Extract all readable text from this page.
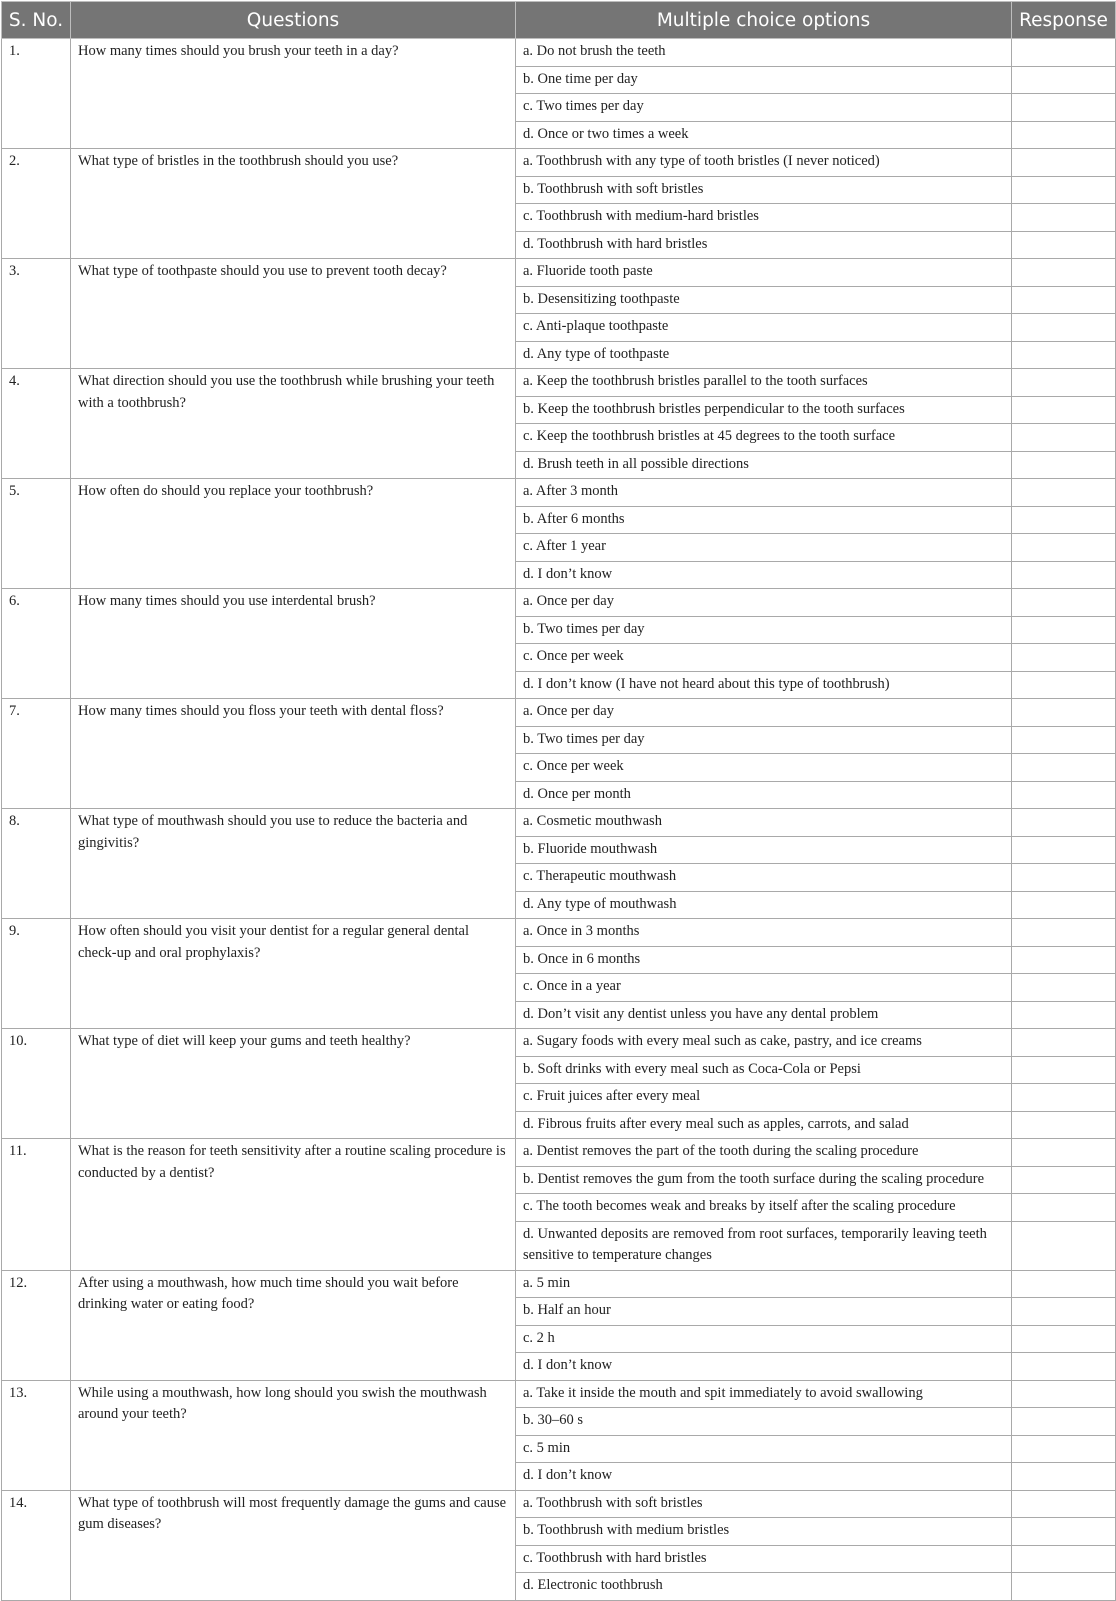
S. No.	Questions	Multiple choice options	Response
1.	How many times should you brush your teeth in a day?	a. Do not brush the teeth	
		b. One time per day	
		c. Two times per day	
		d. Once or two times a week	
2.	What type of bristles in the toothbrush should you use?	a. Toothbrush with any type of tooth bristles (I never noticed)	
		b. Toothbrush with soft bristles	
		c. Toothbrush with medium-hard bristles	
		d. Toothbrush with hard bristles	
3.	What type of toothpaste should you use to prevent tooth decay?	a. Fluoride tooth paste	
		b. Desensitizing toothpaste	
		c. Anti-plaque toothpaste	
		d. Any type of toothpaste	
4.	What direction should you use the toothbrush while brushing your teeth with a toothbrush?	a. Keep the toothbrush bristles parallel to the tooth surfaces	
		b. Keep the toothbrush bristles perpendicular to the tooth surfaces	
		c. Keep the toothbrush bristles at 45 degrees to the tooth surface	
		d. Brush teeth in all possible directions	
5.	How often do should you replace your toothbrush?	a. After 3 month	
		b. After 6 months	
		c. After 1 year	
		d. I don’t know	
6.	How many times should you use interdental brush?	a. Once per day	
		b. Two times per day	
		c. Once per week	
		d. I don’t know (I have not heard about this type of toothbrush)	
7.	How many times should you floss your teeth with dental floss?	a. Once per day	
		b. Two times per day	
		c. Once per week	
		d. Once per month	
8.	What type of mouthwash should you use to reduce the bacteria and gingivitis?	a. Cosmetic mouthwash	
		b. Fluoride mouthwash	
		c. Therapeutic mouthwash	
		d. Any type of mouthwash	
9.	How often should you visit your dentist for a regular general dental check-up and oral prophylaxis?	a. Once in 3 months	
		b. Once in 6 months	
		c. Once in a year	
		d. Don’t visit any dentist unless you have any dental problem	
10.	What type of diet will keep your gums and teeth healthy?	a. Sugary foods with every meal such as cake, pastry, and ice creams	
		b. Soft drinks with every meal such as Coca-Cola or Pepsi	
		c. Fruit juices after every meal	
		d. Fibrous fruits after every meal such as apples, carrots, and salad	
11.	What is the reason for teeth sensitivity after a routine scaling procedure is conducted by a dentist?	a. Dentist removes the part of the tooth during the scaling procedure	
		b. Dentist removes the gum from the tooth surface during the scaling procedure	
		c. The tooth becomes weak and breaks by itself after the scaling procedure	
		d. Unwanted deposits are removed from root surfaces, temporarily leaving teeth sensitive to temperature changes	
12.	After using a mouthwash, how much time should you wait before drinking water or eating food?	a. 5 min	
		b. Half an hour	
		c. 2 h	
		d. I don’t know	
13.	While using a mouthwash, how long should you swish the mouthwash around your teeth?	a. Take it inside the mouth and spit immediately to avoid swallowing	
		b. 30–60 s	
		c. 5 min	
		d. I don’t know	
14.	What type of toothbrush will most frequently damage the gums and cause gum diseases?	a. Toothbrush with soft bristles	
		b. Toothbrush with medium bristles	
		c. Toothbrush with hard bristles	
		d. Electronic toothbrush	
